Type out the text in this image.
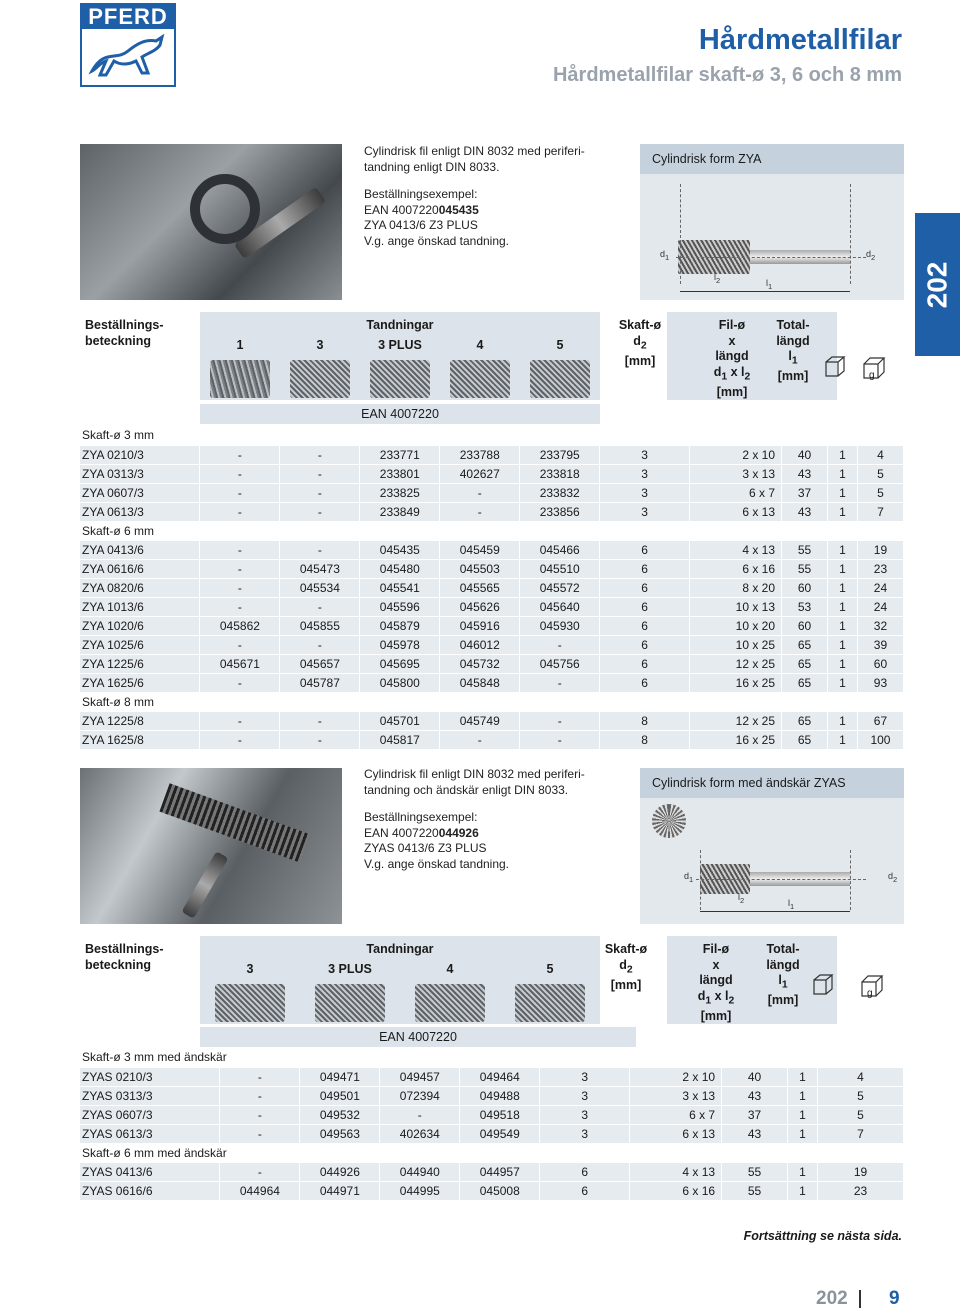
PFERD
Hårdmetallfilar
Hårdmetallfilar skaft-ø 3, 6 och 8 mm
202
Cylindrisk fil enligt DIN 8032 med periferi-
tandning enligt DIN 8033.
Beställningsexempel:
EAN 4007220045435
ZYA 0413/6 Z3 PLUS
V.g. ange önskad tandning.
Cylindrisk form ZYA
$d_1$	$d_2$
$l_2$	$l_1$
Beställnings-
beteckning
Tandningar
1	3	3 PLUS	4	5
Skaft-ø
$d_2$
[mm]
Fil-ø
x
längd
$d_1$ x $l_2$
[mm]
Total-
längd
$l_1$
[mm]	g
EAN 4007220
Skaft-ø 3 mm										
ZYA 0210/3	-	-	233771	233788	233795	3	2 x 10	40	1	4
ZYA 0313/3	-	-	233801	402627	233818	3	3 x 13	43	1	5
ZYA 0607/3	-	-	233825	-	233832	3	6 x 7	37	1	5
ZYA 0613/3	-	-	233849	-	233856	3	6 x 13	43	1	7
Skaft-ø 6 mm										
ZYA 0413/6	-	-	045435	045459	045466	6	4 x 13	55	1	19
ZYA 0616/6	-	045473	045480	045503	045510	6	6 x 16	55	1	23
ZYA 0820/6	-	045534	045541	045565	045572	6	8 x 20	60	1	24
ZYA 1013/6	-	-	045596	045626	045640	6	10 x 13	53	1	24
ZYA 1020/6	045862	045855	045879	045916	045930	6	10 x 20	60	1	32
ZYA 1025/6	-	-	045978	046012	-	6	10 x 25	65	1	39
ZYA 1225/6	045671	045657	045695	045732	045756	6	12 x 25	65	1	60
ZYA 1625/6	-	045787	045800	045848	-	6	16 x 25	65	1	93
Skaft-ø 8 mm										
ZYA 1225/8	-	-	045701	045749	-	8	12 x 25	65	1	67
ZYA 1625/8	-	-	045817	-	-	8	16 x 25	65	1	100
Cylindrisk fil enligt DIN 8032 med periferi-
tandning och ändskär enligt DIN 8033.
Beställningsexempel:
EAN 4007220044926
ZYAS 0413/6 Z3 PLUS
V.g. ange önskad tandning.
Cylindrisk form med ändskär ZYAS
$d_1$	$d_2$
$l_2$	$l_1$
Beställnings-
beteckning
Tandningar
3	3 PLUS	4	5
Skaft-ø
$d_2$
[mm]
Fil-ø
x
längd
$d_1$ x $l_2$
[mm]
Total-
längd
$l_1$
[mm]	g
EAN 4007220
Skaft-ø 3 mm med ändskär									
ZYAS 0210/3	-	049471	049457	049464	3	2 x 10	40	1	4
ZYAS 0313/3	-	049501	072394	049488	3	3 x 13	43	1	5
ZYAS 0607/3	-	049532	-	049518	3	6 x 7	37	1	5
ZYAS 0613/3	-	049563	402634	049549	3	6 x 13	43	1	7
Skaft-ø 6 mm med ändskär									
ZYAS 0413/6	-	044926	044940	044957	6	4 x 13	55	1	19
ZYAS 0616/6	044964	044971	044995	045008	6	6 x 16	55	1	23
Fortsättning se nästa sida.
202 9
